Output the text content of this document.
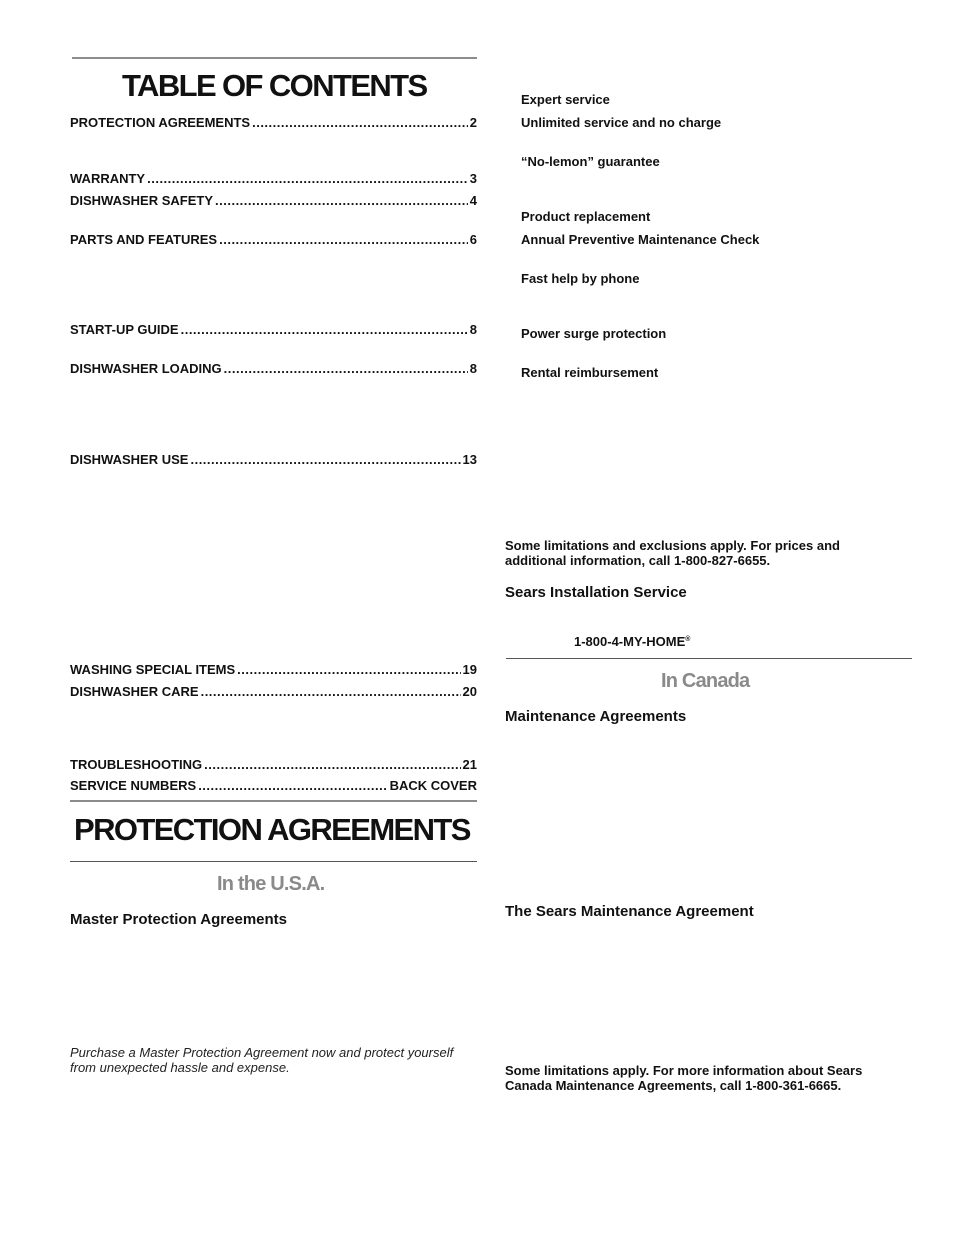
TABLE OF CONTENTS
PROTECTION AGREEMENTS .....	2
WARRANTY .....	3
DISHWASHER SAFETY .....	4
PARTS AND FEATURES .....	6
START-UP GUIDE .....	8
DISHWASHER LOADING .....	8
DISHWASHER USE .....	13
WASHING SPECIAL ITEMS .....	19
DISHWASHER CARE .....	20
TROUBLESHOOTING .....	21
SERVICE NUMBERS .....	BACK COVER
PROTECTION AGREEMENTS
In the U.S.A.
Master Protection Agreements
Purchase a Master Protection Agreement now and protect yourself from unexpected hassle and expense.
Expert service
Unlimited service and no charge
“No-lemon” guarantee
Product replacement
Annual Preventive Maintenance Check
Fast help by phone
Power surge protection
Rental reimbursement
Some limitations and exclusions apply. For prices and additional information, call 1-800-827-6655.
Sears Installation Service
1-800-4-MY-HOME®
In Canada
Maintenance Agreements
The Sears Maintenance Agreement
Some limitations apply. For more information about Sears Canada Maintenance Agreements, call 1-800-361-6665.
